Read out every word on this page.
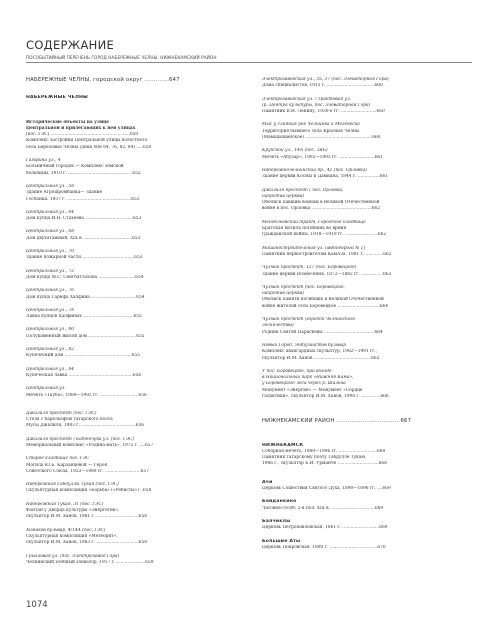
СОДЕРЖАНИЕ
ПОСОБЫТИЙНЫЙ ПЕРЕЧЕНЬ ГОРОД НАБЕРЕЖНЫЕ ЧЕЛНЫ, НИЖНЕКАМСКИЙ РАЙОН
НАБЕРЕЖНЫЕ ЧЕЛНЫ, городской округ .............647
НАБЕРЕЖНЫЕ ЧЕЛНЫ
Исторические объекты на улице
Центральной и прилегающих к ней улицах
(пос. ГЭС) ..........................................................650
Комплекс застройки Центральной улицы волостного
села Березовые Челны (дома №№ 64, 76, 82, 84) .....650
Гагарина ул., 4
Больничный городок — Комплекс земской
больницы, 1910 г. ...............................................652
Центральная ул., 58
Здание Агрошромбанка— Здание
Госбанка. 1937 г. ...............................................653
Центральная ул., 64
Дом купца И.Н. Стахеева ...................................653
Центральная ул., 68
Дом двухэтажный, XIX в. ...................................653
Центральная ул., 70
Здание пожарной части ......................................653
Центральная ул., 72
Дом купца М.С. Сенгбатталова ...........................654
Центральная ул., 76
Дом купца Гарифа Халфина .................................654
Центральная ул., 78
Лавка купцов Халфиных .....................................655
Центральная ул., 80
Полукаменный жилой дом ...................................655
Центральная ул., 82
Купеческий дом .................................................655
Центральная ул., 84
Купеческая лавка ...............................................656
Центральная ул.
Мечеть «Тауба», 1989—1992 гг. ............................656
Джалиля проспект (пос. ГЭС)
Стела с барельефом татарского поэта
Мусы Джалиля, 1983 г. ........................................656
Джалиля проспект / Батенчука ул. (пос. ГЭС)
Мемориальный комплекс «Родина-мать», 1975 г. ....657
Старое кладбище пос. ГЭС
Могила Ю.Б. Карзанцевой — Героя
Советского Союза, 1923—1989 гг. ..........................657
Набережная Габдуллы Тукая (пос. ГЭС)
Скульптурная композиция «Борьба» («Ребисты») ..658
Набережная Тукая, 31 (пос. ГЭС)
Фонтан у Дворца культуры «Энергетик»,
скульптор И.М. Ханов, 1981 г. ...............................658
Химиков бульвар, 4/14А (пос. ГЭС)
Скульптурная композиция «Метеорит»,
скульптор И.М. Ханов, 1983 г. ...............................658
Грызловая ул. (пос. Электрозавод Гора)
Челнинский хлебный элеватор, 1917 г. .....................659
Электрозаводская ул., 35, 37 (пос. Элеваторная Гора)
Дома специалистов, 1915 г. ...................................660
Электрозаводская ул. / Трактовая ул.
(р. Центра культуры, пос. Элеваторная Гора)
Памятник В.И. Ленину, 1930-е гг. ..........................660
Мыс у слияния рек Челнинка и Мелекеска
Территория бывшего села Красные Челны
(Мамадыщенское) .................................................660
Крупской ул., 14А (пос. ЗЯБ)
Мечеть «Абузар», 1992—1993 гг. ..........................661
Набережночелнинский пр., 42 (пос. Орловка)
Здание церкви Космы и Дамиана, 1844 г. ................661
Джалиля проспект ( пос. Орловка,
напротив церкви)
Обелиск павшим воинам в Великой Отечественной
войне в пос. Орловка ............................................662
Менделеевский тракт, Городское кладбище
Братская могила погибших во время
гражданской войны, 1918—1919 гг. ........................662
Машиностроительная ул. (автодорога № 1)
Памятник первостроителям КамАЗа, 1981 г. .............662
Чулман проспект, 127 (пос. Боровецкое)
Здание церкви Вознесения, 1872—1882 гг. ................663
Чулман проспект (пос. Боровецкое,
напротив церкви)
Обелиск памяти погибших в Великой Отечественной
войне жителей села Боровецкое ...............................664
Чулман проспект (городок Челнинского
лесничества)
Родник Святой Параскевы .....................................664
Новый Город, Энтузиастов бульвар
Комплекс авангардных скульптур, 1982—1991 гг.,
скульптор И.М. Ханов ..........................................665
У пос. Боровецкое, при въезде
в Национальный парк «Нижняя Кама»,
у Боровецкого леса через р. Шильна
Монумент «Энергия» — Монумент «Сердце
галактики», скульптор И.М. Ханов, 1998 г. ..............666
НИЖНЕКАМСКИЙ РАЙОН ..................................667
НИЖНЕКАМСК
Соборная мечеть, 1989—1996 гг. ............................668
Памятник татарскому поэту Габдулле Тукаю,
1986 г., скульптор Б.И. Урманче ..............................668
Ачи
Церковь Сошествия Святого Духа, 1890—1896 гг. ....669
Байданкино
Часовня-столб, 2-я пол. XIX в. ................................669
Балчиклы
Церковь Петропавловская, 1861 г. ...........................669
Большие Аты
Церковь Покровская, 1890 г. ...................................670
1074
